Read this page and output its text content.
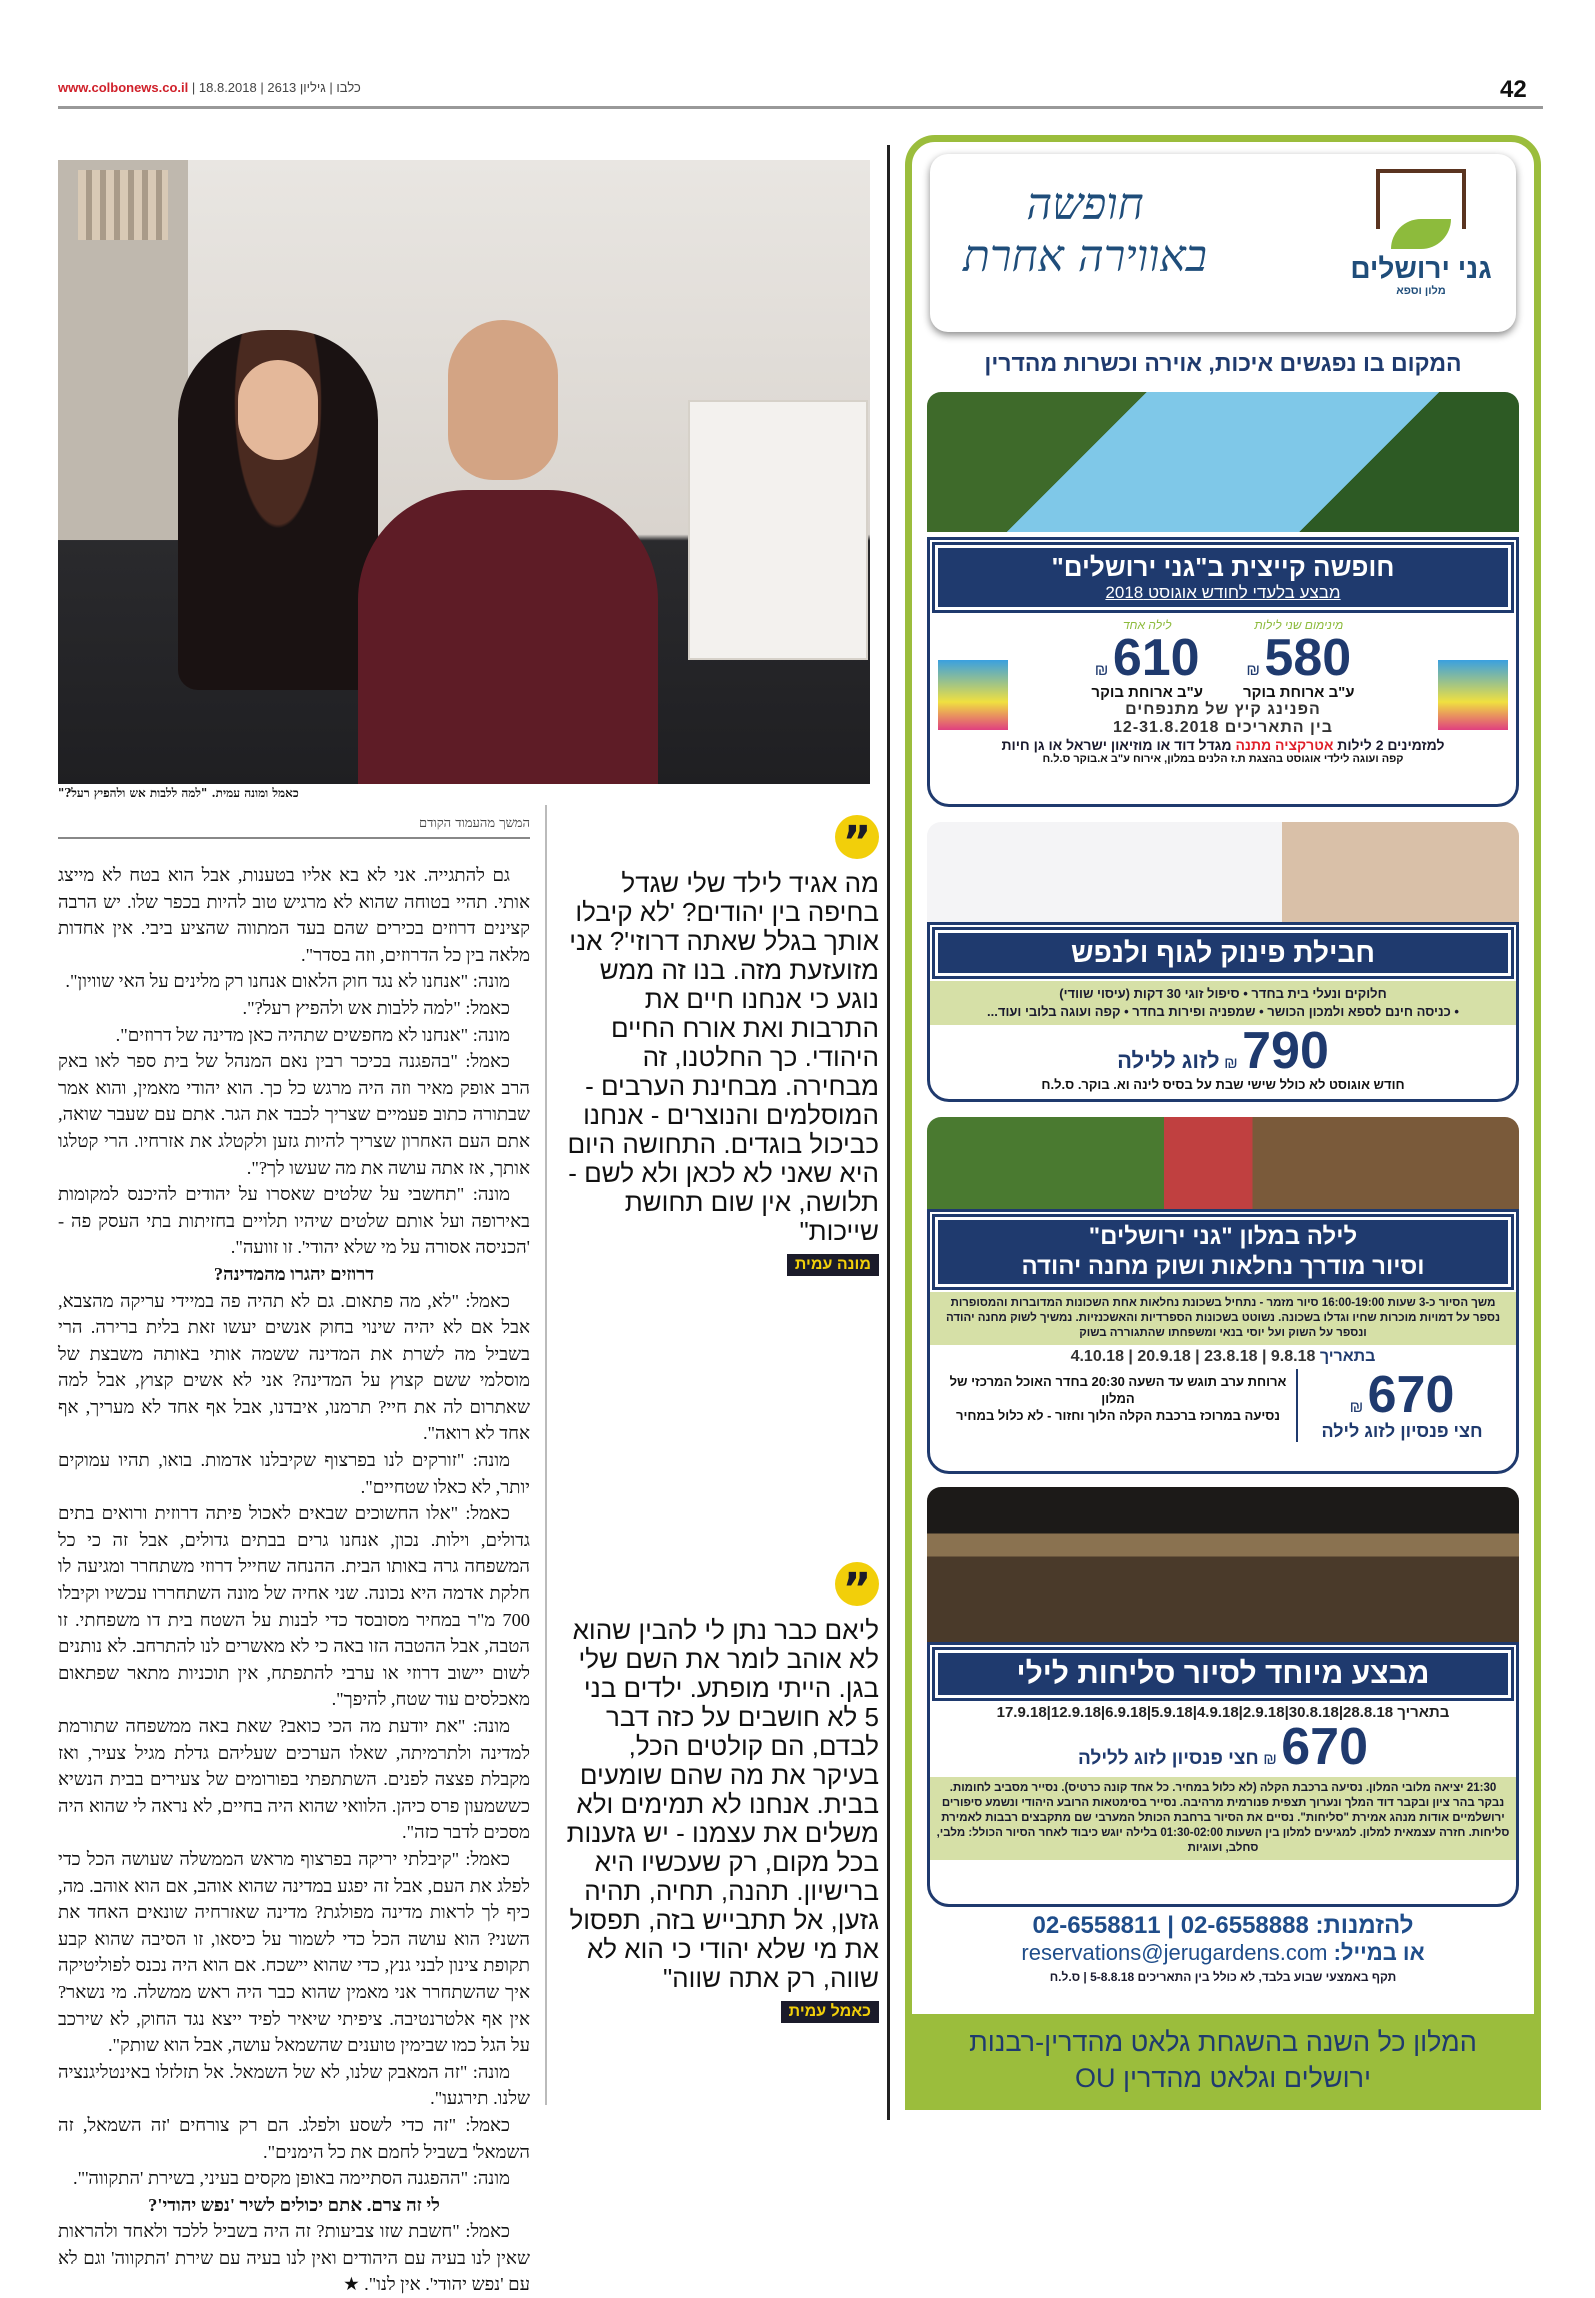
www.colbonews.co.il |	כלבו | גיליון 2613 | 18.8.2018	42
כאמל ומונה עמית. "למה ללבות אש ולהפיץ רעל?"
המשך מהעמוד הקודם

גם להתגייה. אני לא בא אליו בטענות, אבל הוא בטח לא מייצג אותי. תהיי בטוחה שהוא לא מרגיש טוב להיות בכפר שלו. יש הרבה קצינים דרוזים בכירים שהם בעד המתווה שהציע ביבי. אין אחדות מלאה בין כל הדרוזים, וזה בסדר".

מונה: "אנחנו לא נגד חוק הלאום אנחנו רק מלינים על האי שוויון".

כאמל: "למה ללבות אש ולהפיץ רעל?".

מונה: "אנחנו לא מחפשים שתהיה כאן מדינה של דרוזים".

כאמל: "בהפגנה בכיכר רבין נאם המנהל של בית ספר לאו באק הרב אופק מאיר וזה היה מרגש כל כך. הוא יהודי מאמין, והוא אמר שבתורה כתוב פעמיים שצריך לכבד את הגר. אתם עם שעבר שואה, אתם העם האחרון שצריך להיות גזען ולקטלג את אזרחיו. הרי קטלגו אותך, אז אתה עושה את מה שעשו לך?".

מונה: "תחשבי על שלטים שאסרו על יהודים להיכנס למקומות באירופה ועל אותם שלטים שיהיו תלויים בחזיתות בתי העסק פה - 'הכניסה אסורה על מי שלא יהודי'. זו זוועה".

דרוזים יהגרו מהמדינה?

כאמל: "לא, מה פתאום. גם לא תהיה פה במיידי עריקה מהצבא, אבל אם לא יהיה שינוי בחוק אנשים יעשו זאת בלית ברירה. הרי בשביל מה לשרת את המדינה ששמה אותי באותה משבצת של מוסלמי ששם קצוץ על המדינה? אני לא אשים קצוץ, אבל למה שאתרום לה את חיי? תרמנו, איבדנו, אבל אף אחד לא מעריך, אף אחד לא רואה".

מונה: "זורקים לנו בפרצוף שקיבלנו אדמות. בואו, תהיו עמוקים יותר, לא כאלו שטחיים".

כאמל: "אלו החשוכים שבאים לאכול פיתה דרוזית ורואים בתים גדולים, וילות. נכון, אנחנו גרים בבתים גדולים, אבל זה כי כל המשפחה גרה באותו הבית. ההנחה שחייל דרוזי משתחרר ומגיעה לו חלקת אדמה היא נכונה. שני אחיה של מונה השתחררו עכשיו וקיבלו 700 מ"ר במחיר מסובסד כדי לבנות על השטח בית דו משפחתי. זו הטבה, אבל ההטבה הזו באה כי לא מאשרים לנו להתרחב. לא נותנים לשום יישוב דרוזי או ערבי להתפתח, אין תוכניות מתאר שפתאום מאכלסים עוד שטח, להיפך".

מונה: "את יודעת מה הכי כואב? שאת באה ממשפחה שתורמת למדינה ולתרמיתה, שאלו הערכים שעליהם גדלת מגיל צעיר, ואז מקבלת פצצה לפנים. השתתפתי בפורומים של צעירים בבית הנשיא כששמעון פרס כיהן. הלוואי שהוא היה בחיים, לא נראה לי שהוא היה מסכים לדבר כזה".

כאמל: "קיבלתי יריקה בפרצוף מראש הממשלה שעושה הכל כדי לפלג את העם, אבל זה יפגע במדינה שהוא אוהב, אם הוא אוהב. מה, כיף לך לראות מדינה מפולגת? מדינה שאזרחיה שונאים האחד את השני? הוא עושה הכל כדי לשמור על כיסאו, זו הסיבה שהוא קבע תקופת צינון לבני גנץ, כדי שהוא יישכח. אם הוא היה נכנס לפוליטיקה איך שהשתחרר אני מאמין שהוא כבר היה ראש ממשלה. מי נשאר? אין אף אלטרנטיבה. ציפיתי שיאיר לפיד ייצא נגד החוק, לא שירכב על הגל כמו שבימין טוענים שהשמאל עושה, אבל הוא שותק".

מונה: "זה המאבק שלנו, לא של השמאל. אל תזלזלו באינטליגנציה שלנו. תירגעו".

כאמל: "זה כדי לשסע ולפלג. הם רק צורחים 'זה השמאל, זה השמאל' בשביל לחמם את כל הימנים".

מונה: "ההפגנה הסתיימה באופן מקסים בעיני, בשירת 'התקווה'".

לי זה צרם. אתם יכולים לשיר 'נפש יהודי'?

כאמל: "חשבת שזו צביעות? זה היה בשביל ללכד ולאחד ולהראות שאין לנו בעיה עם היהודים ואין לנו בעיה עם שירת 'התקווה' וגם לא עם 'נפש יהודי'. אין לנו". ★

”
מה אגיד לילד שלי שגדל בחיפה בין יהודים? 'לא קיבלו אותך בגלל שאתה דרוזי'? אני מזועזעת מזה. בנו זה ממש נוגע כי אנחנו חיים את התרבות ואת אורח החיים היהודי. כך החלטנו, זה מבחירה. מבחינת הערבים - המוסלמים והנוצרים - אנחנו כביכול בוגדים. התחושה היום היא שאני לא לכאן ולא לשם - תלושה, אין שום תחושת שייכות"
מונה עמית
”
ליאם כבר נתן לי להבין שהוא לא אוהב לומר את השם שלי בגן. הייתי מופתע. ילדים בני 5 לא חושבים על כזה דבר לבדם, הם קולטים הכל, בעיקר את מה שהם שומעים בבית. אנחנו לא תמימים ולא משלים את עצמנו - יש גזענות בכל מקום, רק שעכשיו היא ברישיון. תהנה, תחיה, תהיה גזען, אל תתבייש בזה, תפסול את מי שלא יהודי כי הוא לא שווה, רק אתה שווה"
כאמל עמית
גני ירושלים
מלון וספא
חופשה באווירה אחרת
המקום בו נפגשים איכות, אוירה וכשרות מהדרין
חופשה קייצית ב"גני ירושלים"
מבצע בלעדי לחודש אוגוסט 2018
מינימום שני לילות
580 ₪
ע"ב ארוחת בוקר
לילה אחד
610 ₪
ע"ב ארוחת בוקר
הפנינג קיץ של מתנפחים
בין התאריכים 12-31.8.2018
למזמינים 2 לילות אטרקציה מתנה מגדל דוד או מוזיאון ישראל או גן חיות
קפה ועוגה לילדי אוגוסט בהצגת ת.ז הלנים במלון, אירוח ע"ב א.בוקר ס.ל.ח
חבילת פינוק לגוף ולנפש
חלוקים ונעלי בית בחדר • סיפול זוגי 30 דקות (עיסוי שוודי)
• כניסה חינם לספא ולמכון הכושר • שמפניה ופירות בחדר • קפה ועוגה בלובי ועוד...
790 ₪ לזוג ללילה
חודש אוגוסט לא כולל שישי שבת על בסיס לינה וא. בוקר. ס.ל.ח
לילה במלון "גני ירושלים"
וסיור מודרך נחלאות ושוק מחנה יהודה
משך הסיור כ-3 שעות 16:00-19:00 סיור מזמר - נתחיל בשכונת נחלאות אחת השכונות המדוברות והמסופרות נספר על דמויות מוכרות שחיו וגדלו בשכונה. נשוטט בשכונות הספרדיות והאשכנזיות. נמשיך לשוק מחנה יהודה ונספר על השוק ועל יוסי בנאי ומשפחתו שהתגוררה בשוק
בתאריך 9.8.18 | 23.8.18 | 20.9.18 | 4.10.18
670 ₪
חצי פנסיון לזוג לילה
ארוחת ערב תוגש עד השעה 20:30 בחדר האוכל המרכזי של המלון
נסיעה במרוכז ברכבת הקלה הלוך וחזור - לא כלול במחיר
מבצע מיוחד לסיור סליחות לילי
בתאריך 28.8.18|30.8.18|2.9.18|4.9.18|5.9.18|6.9.18|12.9.18|17.9.18
670 ₪ חצי פנסיון לזוג ללילה
21:30 יציאה מלובי המלון. נסיעה ברכבת הקלה (לא כלול במחיר. כל אחד קונה כרטיס). נסייר מסביב לחומות. נבקר בהר ציון ובקבר דוד המלך ונערוך תצפית פנורמית מרהיבה. נסייר בסימטאות הרובע היהודי ונשמע סיפורים ירושלמיים אודות מנהג אמירת "סליחות". נסיים את הסיור ברחבת הכותל המערבי שם מתקבצים רבבות לאמירת סליחות. חזרה עצמאית למלון. למגיעים למלון בין השעות 01:30-02:00 בלילה יוגש כיבוד לאחר הסיור הכולל: מלבי, סחלב, ועוגיות
להזמנות: 02-6558888 | 02-6558811
או במייל: reservations@jerugardens.com
תקף באמצעי שבוע בלבד, לא כולל בין התאריכים 5-8.8.18 | ס.ל.ח
המלון כל השנה בהשגחת גלאט מהדרין-רבנות ירושלים וגלאט מהדרין OU
